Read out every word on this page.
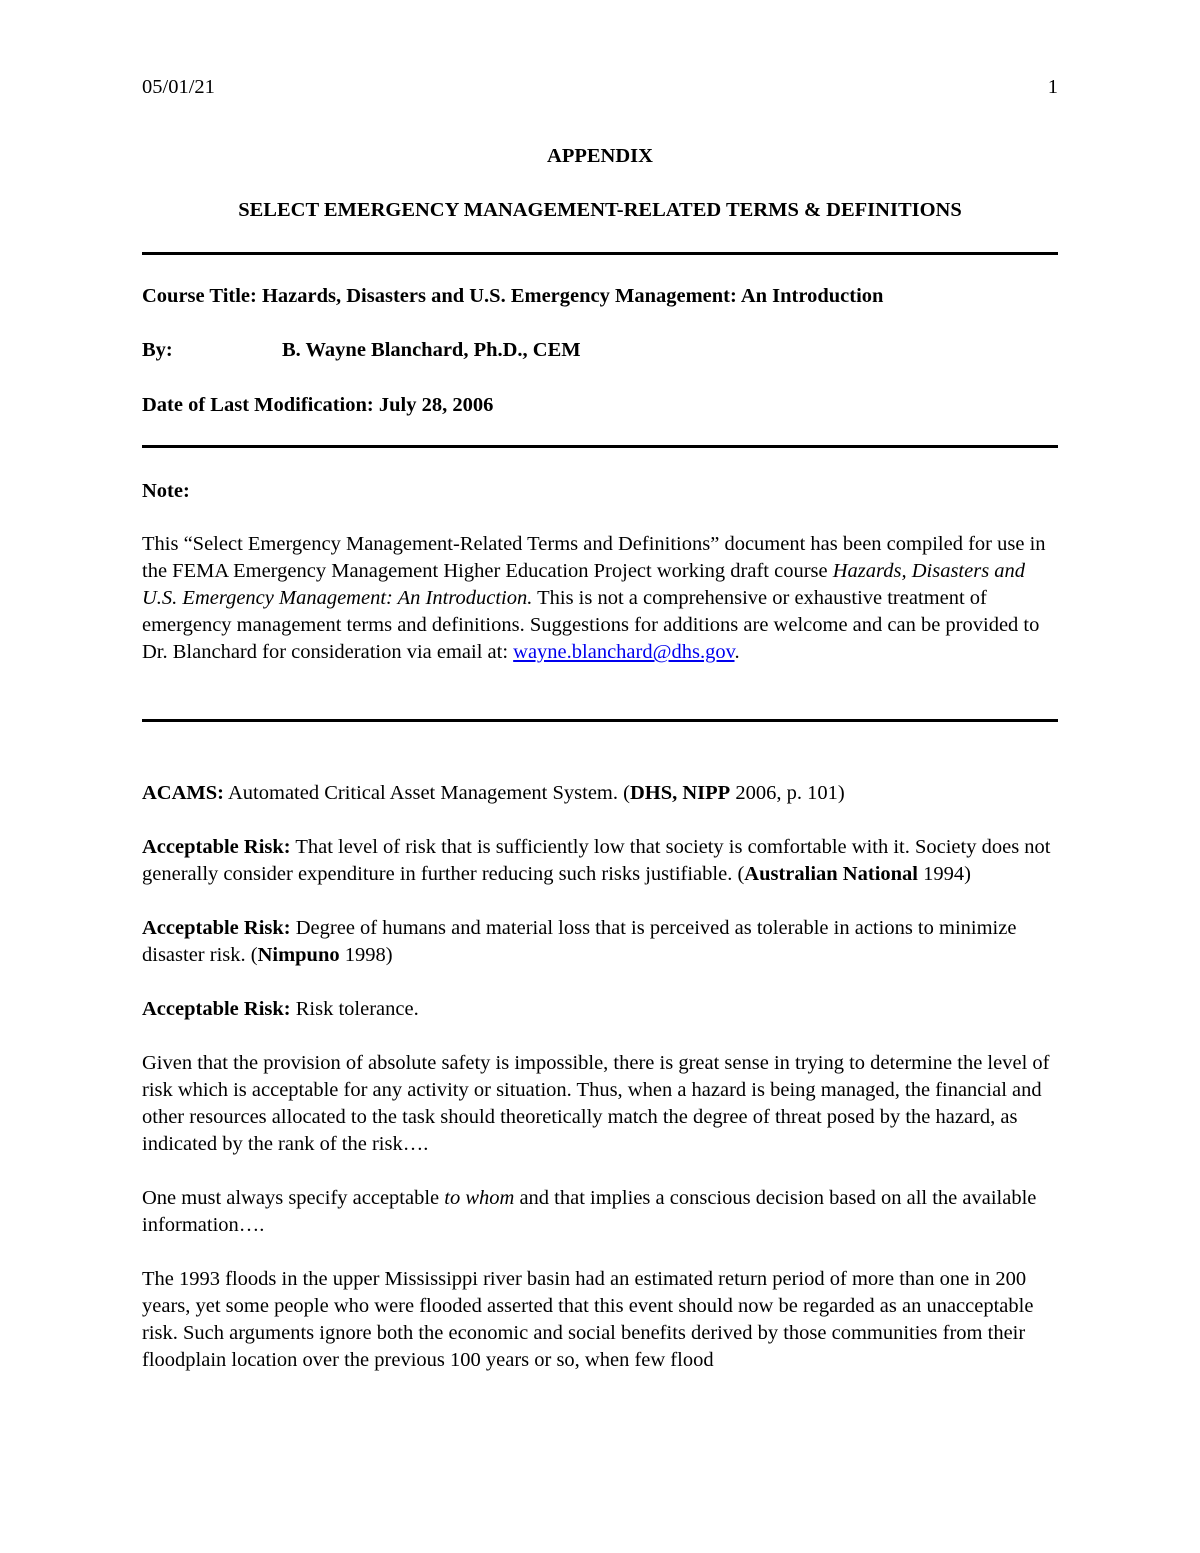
05/01/21	1
APPENDIX
SELECT EMERGENCY MANAGEMENT-RELATED TERMS & DEFINITIONS
Course Title: Hazards, Disasters and U.S. Emergency Management: An Introduction
By:	B. Wayne Blanchard, Ph.D., CEM
Date of Last Modification: July 28, 2006
Note:

This “Select Emergency Management-Related Terms and Definitions” document has been compiled for use in the FEMA Emergency Management Higher Education Project working draft course Hazards, Disasters and U.S. Emergency Management: An Introduction. This is not a comprehensive or exhaustive treatment of emergency management terms and definitions. Suggestions for additions are welcome and can be provided to Dr. Blanchard for consideration via email at: wayne.blanchard@dhs.gov.

ACAMS: Automated Critical Asset Management System. (DHS, NIPP 2006, p. 101)

Acceptable Risk: That level of risk that is sufficiently low that society is comfortable with it. Society does not generally consider expenditure in further reducing such risks justifiable. (Australian National 1994)

Acceptable Risk: Degree of humans and material loss that is perceived as tolerable in actions to minimize disaster risk. (Nimpuno 1998)

Acceptable Risk: Risk tolerance.

Given that the provision of absolute safety is impossible, there is great sense in trying to determine the level of risk which is acceptable for any activity or situation. Thus, when a hazard is being managed, the financial and other resources allocated to the task should theoretically match the degree of threat posed by the hazard, as indicated by the rank of the risk….

One must always specify acceptable to whom and that implies a conscious decision based on all the available information….

The 1993 floods in the upper Mississippi river basin had an estimated return period of more than one in 200 years, yet some people who were flooded asserted that this event should now be regarded as an unacceptable risk. Such arguments ignore both the economic and social benefits derived by those communities from their floodplain location over the previous 100 years or so, when few flood
